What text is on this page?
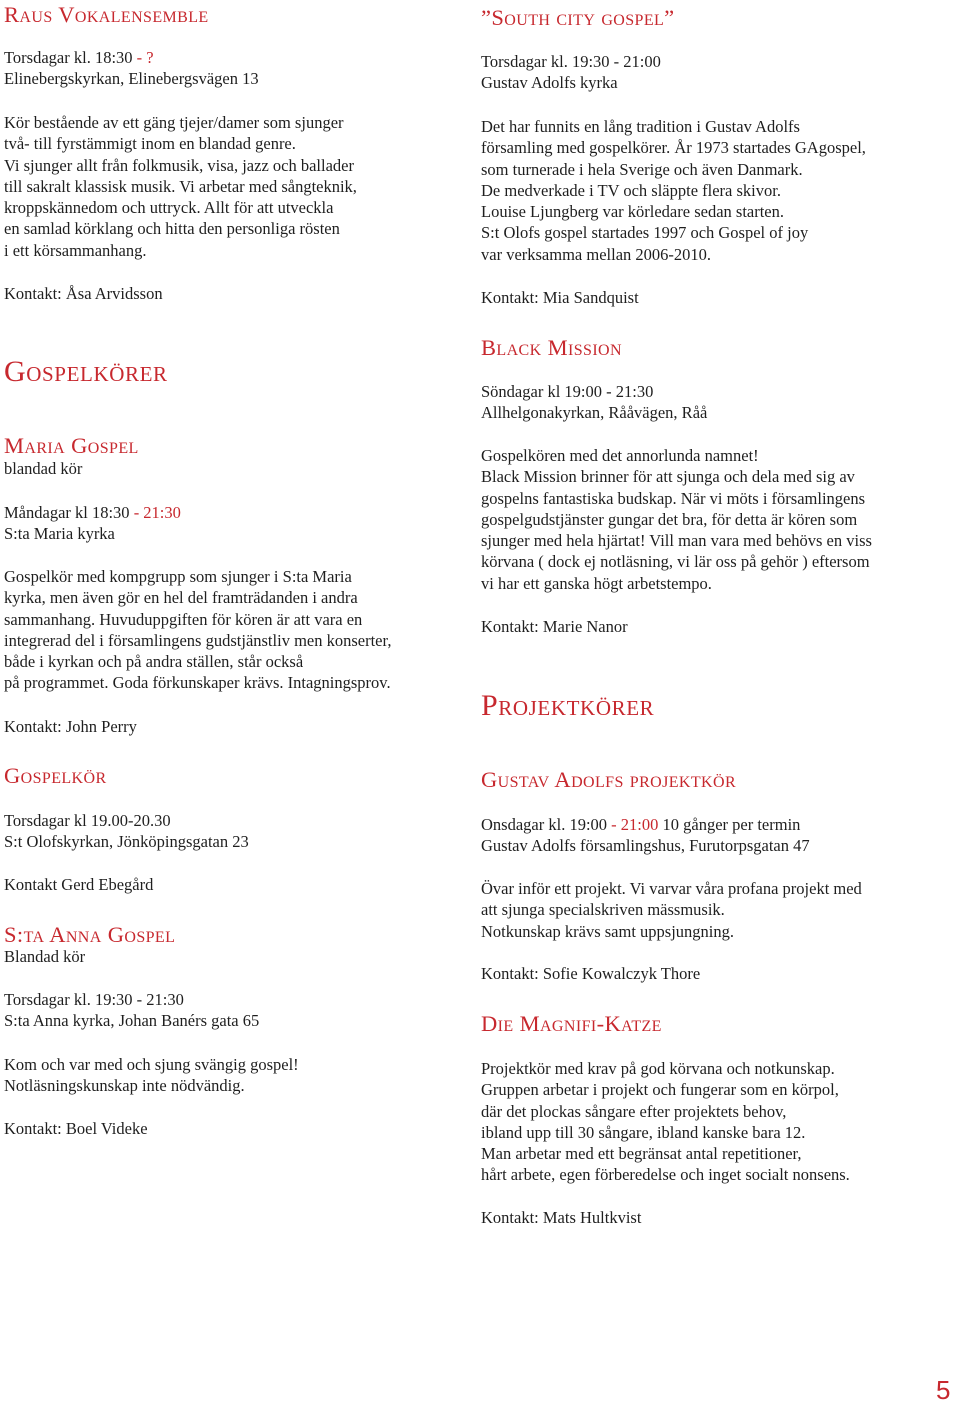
Raus Vokalensemble
Torsdagar kl. 18:30 - ?
Elinebergskyrkan, Elinebergsvägen 13
Kör bestående av ett gäng tjejer/damer som sjunger
två- till fyrstämmigt inom en blandad genre.
Vi sjunger allt från folkmusik, visa, jazz och ballader
till sakralt klassisk musik. Vi arbetar med sångteknik,
kroppskännedom och uttryck. Allt för att utveckla
en samlad körklang och hitta den personliga rösten
i ett körsammanhang.
Kontakt: Åsa Arvidsson
Gospelkörer
Maria Gospel
blandad kör
Måndagar kl 18:30 - 21:30
S:ta Maria kyrka
Gospelkör med kompgrupp som sjunger i S:ta Maria
kyrka, men även gör en hel del framträdanden i andra
sammanhang. Huvuduppgiften för kören är att vara en
integrerad del i församlingens gudstjänstliv men konserter,
både i kyrkan och på andra ställen, står också
på programmet. Goda förkunskaper krävs. Intagningsprov.
Kontakt: John Perry
Gospelkör
Torsdagar kl 19.00-20.30
S:t Olofskyrkan, Jönköpingsgatan 23
Kontakt Gerd Ebegård
S:ta Anna Gospel
Blandad kör
Torsdagar kl. 19:30 - 21:30
S:ta Anna kyrka, Johan Banérs gata 65
Kom och var med och sjung svängig gospel!
Notläsningskunskap inte nödvändig.
Kontakt: Boel Videke
”South city gospel”
Torsdagar kl. 19:30 - 21:00
Gustav Adolfs kyrka
Det har funnits en lång tradition i Gustav Adolfs
församling med gospelkörer. År 1973 startades GAgospel,
som turnerade i hela Sverige och även Danmark.
De medverkade i TV och släppte flera skivor.
Louise Ljungberg var körledare sedan starten.
S:t Olofs gospel startades 1997 och Gospel of joy
var verksamma mellan 2006-2010.
Kontakt: Mia Sandquist
Black Mission
Söndagar kl 19:00 - 21:30
Allhelgonakyrkan, Rååvägen, Råå
Gospelkören med det annorlunda namnet!
Black Mission brinner för att sjunga och dela med sig av
gospelns fantastiska budskap. När vi möts i församlingens
gospelgudstjänster gungar det bra, för detta är kören som
sjunger med hela hjärtat! Vill man vara med behövs en viss
körvana ( dock ej notläsning, vi lär oss på gehör ) eftersom
vi har ett ganska högt arbetstempo.
Kontakt: Marie Nanor
Projektkörer
Gustav Adolfs projektkör
Onsdagar kl. 19:00 - 21:00 10 gånger per termin
Gustav Adolfs församlingshus, Furutorpsgatan 47
Övar inför ett projekt. Vi varvar våra profana projekt med
att sjunga specialskriven mässmusik.
Notkunskap krävs samt uppsjungning.
Kontakt: Sofie Kowalczyk Thore
Die Magnifi-Katze
Projektkör med krav på god körvana och notkunskap.
Gruppen arbetar i projekt och fungerar som en körpol,
där det plockas sångare efter projektets behov,
ibland upp till 30 sångare, ibland kanske bara 12.
Man arbetar med ett begränsat antal repetitioner,
hårt arbete, egen förberedelse och inget socialt nonsens.
Kontakt: Mats Hultkvist
5
